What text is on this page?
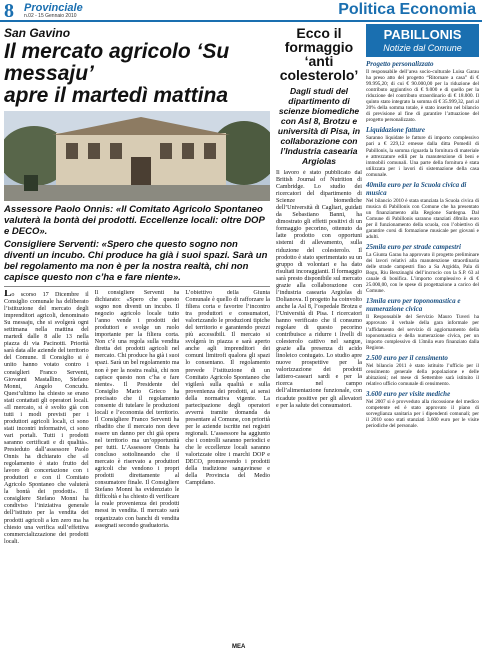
8 Provinciale
n.02 - 15 Gennaio 2010	Politica Economia
San Gavino
Il mercato agricolo ‘Su messaju’
apre il martedì mattina
Assessore Paolo Onnis: «Il Comitato Agricolo Spontaneo valuterà la bontà dei prodotti. Eccellenze locali: oltre DOP e DECO».
Consigliere Serventi: «Spero che questo sogno non diventi un incubo. Chi produce ha già i suoi spazi. Sarà un bel regolamento ma non è per la nostra realtà, chi non capisce questo non c’ha e fare niente».
Lo scorso 17 Dicembre il Consiglio comunale ha deliberato l’istituzione del mercato degli imprenditori agricoli, denominato Su messaju, che si svolgerà ogni settimana nella mattina del martedì dalle 8 alle 13 nella piazza di via Pacinotti. Priorità sarà data alle aziende del territorio del Comune. Il Consiglio si è unito hanno votato contro i consiglieri Franco Serventi, Giovanni Mastallino, Stefano Monni, Angelo Concudu. Quest’ultimo ha chiesto se erano stati contattati gli operatori locali. «Il mercato, si è svolto già con tutti i modi previsti per i produttori agricoli locali, ci sono stati incontri informativi, ci sono vari portali. Tutti i prodotti saranno certificati e di qualità». Presieduto dall’assessore Paolo Onnis ha dichiarato che «il regolamento è stato frutto del lavoro di concertazione con i produttori e con il Comitato Agricolo Spontaneo che valuterà la bontà dei prodotti». Il consigliere Stefano Monni ha condiviso l’iniziativa generale dell’istituto per la vendita dei prodotti agricoli a km zero ma ha chiesto una verifica sull’effettiva commercializzazione dei prodotti locali.
Il consigliere Serventi ha dichiarato: «Spero che questo sogno non diventi un incubo. Il negozio agricolo locale tutto l’anno vende i prodotti dei produttori e svolge un ruolo importante per la filiera corta. Non c’è una regola sulla vendita diretta dei prodotti agricoli nel mercato. Chi produce ha già i suoi spazi. Sarà un bel regolamento ma non è per la nostra realtà, chi non capisce questo non c’ha e fare niente». Il Presidente del Consiglio Mario Grieco ha precisato che il regolamento consente di tutelare le produzioni locali e l’economia del territorio. Il Consigliere Franco Serventi ha ribadito che il mercato non deve essere un danno per chi già opera nel territorio ma un’opportunità per tutti. L’Assessore Onnis ha concluso sottolineando che il mercato è riservato a produttori agricoli che vendono i propri prodotti direttamente al consumatore finale. Il Consigliere Stefano Monni ha evidenziato le difficoltà e ha chiesto di verificare la reale provenienza dei prodotti messi in vendita. Il mercato sarà organizzato con banchi di vendita assegnati secondo graduatoria.
L’obiettivo della Giunta Comunale è quello di rafforzare la filiera corta e favorire l’incontro tra produttori e consumatori, valorizzando le produzioni tipiche del territorio e garantendo prezzi più accessibili. Il mercato si svolgerà in piazza e sarà aperto anche agli imprenditori dei comuni limitrofi qualora gli spazi lo consentano. Il regolamento prevede l’istituzione di un Comitato Agricolo Spontaneo che vigilerà sulla qualità e sulla provenienza dei prodotti, ai sensi della normativa vigente. La partecipazione degli operatori avverrà tramite domanda da presentare al Comune, con priorità per le aziende iscritte nei registri regionali. L’assessore ha aggiunto che i controlli saranno periodici e che le eccellenze locali saranno valorizzate oltre i marchi DOP e DECO, promuovendo i prodotti della tradizione sangavinese e della Provincia del Medio Campidano.
MEA
Ecco il formaggio ‘anti colesterolo’
Dagli studi del dipartimento di scienze biomediche con Asl 8, Brotzu e università di Pisa, in collaborazione con l’Industria casearia Argiolas
Il lavoro è stato pubblicato dal British Journal of Nutrition di Cambridge. Lo studio dei ricercatori del dipartimento di Scienze biomediche dell’Università di Cagliari, guidati da Sebastiano Banni, ha dimostrato gli effetti positivi di un formaggio pecorino, ottenuto da latte prodotto con opportuni sistemi di allevamento, sulla riduzione del colesterolo. Il prodotto è stato sperimentato su un gruppo di volontari e ha dato risultati incoraggianti. Il formaggio sarà presto disponibile sul mercato grazie alla collaborazione con l’industria casearia Argiolas di Dolianova. Il progetto ha coinvolto anche la Asl 8, l’ospedale Brotzu e l’Università di Pisa. I ricercatori hanno verificato che il consumo regolare di questo pecorino contribuisce a ridurre i livelli di colesterolo cattivo nel sangue, grazie alla presenza di acido linoleico coniugato. Lo studio apre nuove prospettive per la valorizzazione dei prodotti lattiero-caseari sardi e per la ricerca nel campo dell’alimentazione funzionale, con ricadute positive per gli allevatori e per la salute dei consumatori.
PABILLONIS
Notizie dal Comune
Progetto personalizzato
Il responsabile dell’area socio-culturale Luisa Garau ha preso atto del progetto “Ritornare a casa” di € 99.995,20; di cui € 90.000,00 per la riduzione del contributo aggiuntivo di € 9.000 e di quello per la riduzione del contributo straordinario di € 18.000. Il quinto stato integrato la somma di € 35.999,32, pari al 20% della somma totale, è stato inserito nel bilancio di previsione al fine di garantire l’attuazione del progetto personalizzato.
Liquidazione fatture
Saranno liquidate le fatture di importo complessivo pari a € 229,12 emesse dalla ditta Pomedil di Pabillonis, la somma riguarda la fornitura di materiale e attrezzature edili per la manutenzione di beni e immobili comunali. Una parte della fornitura è stata utilizzata per i lavori di sistemazione della casa comunale.
40mila euro per la Scuola civica di musica
Nel bilancio 2010 è stata stanziata la Scuola civica di musica di Pabillonis con Comune che ha presentato un finanziamento alla Regione Sardegna. Dal Comune di Pabillonis saranno stanziati 40mila euro per il funzionamento della scuola, con l’obiettivo di garantire corsi di formazione musicale per giovani e adulti.
25mila euro per strade campestri
La Giunta Garau ha approvato il progetto preliminare dei lavori relativi alla manutenzione straordinaria delle strade campestri fino a Sa Argidda, Pala di Bogu, Riu Benzinaghi dell’incrocio con la S.P. 63 al canale di bonifica. L’importo complessivo è di € 25.000,00, con le spese di progettazione a carico del Comune.
13mila euro per toponomastica e numerazione civica
Il Responsabile del Servizio Mauro Tuveri ha approvato il verbale della gara informale per l’affidamento del servizio di aggiornamento della toponomastica e della numerazione civica, per un importo complessivo di 13mila euro finanziato dalla Regione.
2.500 euro per il censimento
Nel bilancio 2011 è stato istituito l’ufficio per il censimento generale della popolazione e delle abitazioni; nel mese di Settembre sarà istituito il relativo ufficio comunale di censimento.
3.600 euro per visite mediche
Nel 2007 si è provveduto alla riscossione del medico competente ed è stato approvato il piano di sorveglianza sanitaria per i dipendenti comunali; per il 2010 sono stati stanziati 3.600 euro per le visite periodiche del personale.
